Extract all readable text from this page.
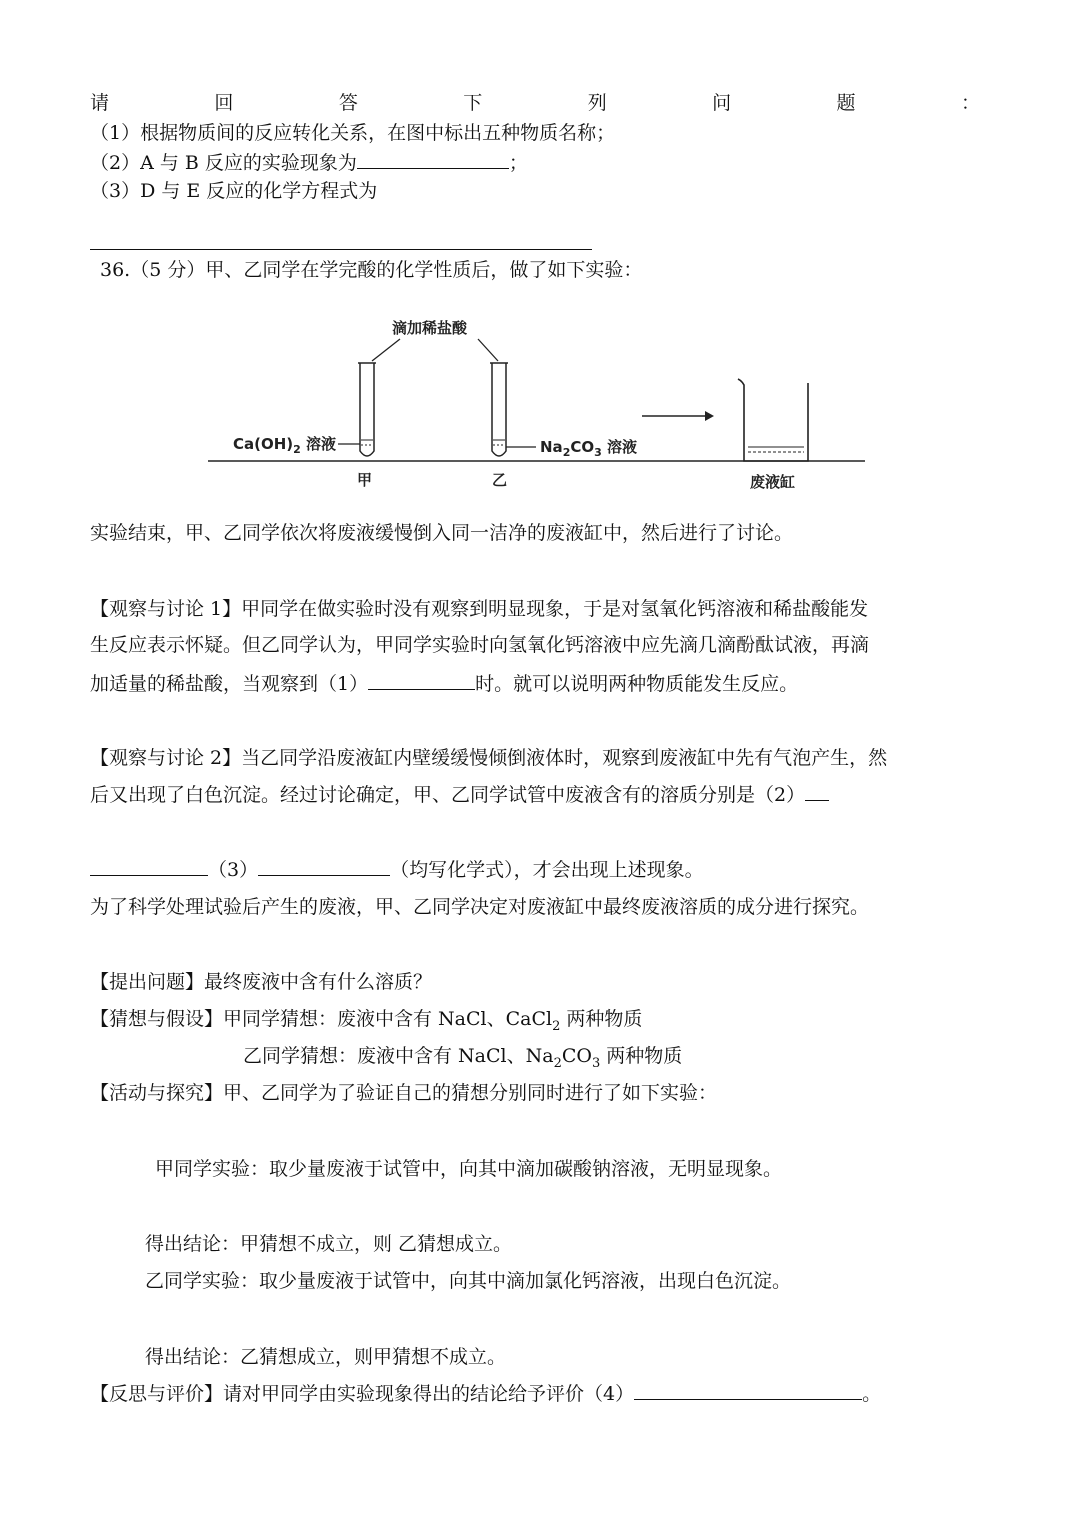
请	回	答	下	列	问	题	：
（1）根据物质间的反应转化关系，在图中标出五种物质名称；
（2）A 与 B 反应的实验现象为	；
（3）D 与 E 反应的化学方程式为
36.（5 分）甲、乙同学在学完酸的化学性质后，做了如下实验：
滴加稀盐酸
$Ca(OH)_2$ 溶液	$Na_2CO_3$ 溶液
甲	乙	废液缸
实验结束，甲、乙同学依次将废液缓慢倒入同一洁净的废液缸中，然后进行了讨论。
【观察与讨论 1】甲同学在做实验时没有观察到明显现象，于是对氢氧化钙溶液和稀盐酸能发
生反应表示怀疑。但乙同学认为，甲同学实验时向氢氧化钙溶液中应先滴几滴酚酞试液，再滴
加适量的稀盐酸，当观察到（1）	时。就可以说明两种物质能发生反应。
【观察与讨论 2】当乙同学沿废液缸内壁缓缓慢倾倒液体时，观察到废液缸中先有气泡产生，然
后又出现了白色沉淀。经过讨论确定，甲、乙同学试管中废液含有的溶质分别是（2）
（3）	（均写化学式），才会出现上述现象。
为了科学处理试验后产生的废液，甲、乙同学决定对废液缸中最终废液溶质的成分进行探究。
【提出问题】最终废液中含有什么溶质？
【猜想与假设】甲同学猜想：废液中含有 NaCl、CaCl$_2$ 两种物质
乙同学猜想：废液中含有 NaCl、$Na_2CO_3$ 两种物质
【活动与探究】甲、乙同学为了验证自己的猜想分别同时进行了如下实验：
甲同学实验：取少量废液于试管中，向其中滴加碳酸钠溶液，无明显现象。
得出结论：甲猜想不成立，则 乙猜想成立。
乙同学实验：取少量废液于试管中，向其中滴加氯化钙溶液，出现白色沉淀。
得出结论：乙猜想成立，则甲猜想不成立。
【反思与评价】请对甲同学由实验现象得出的结论给予评价（4）	。
